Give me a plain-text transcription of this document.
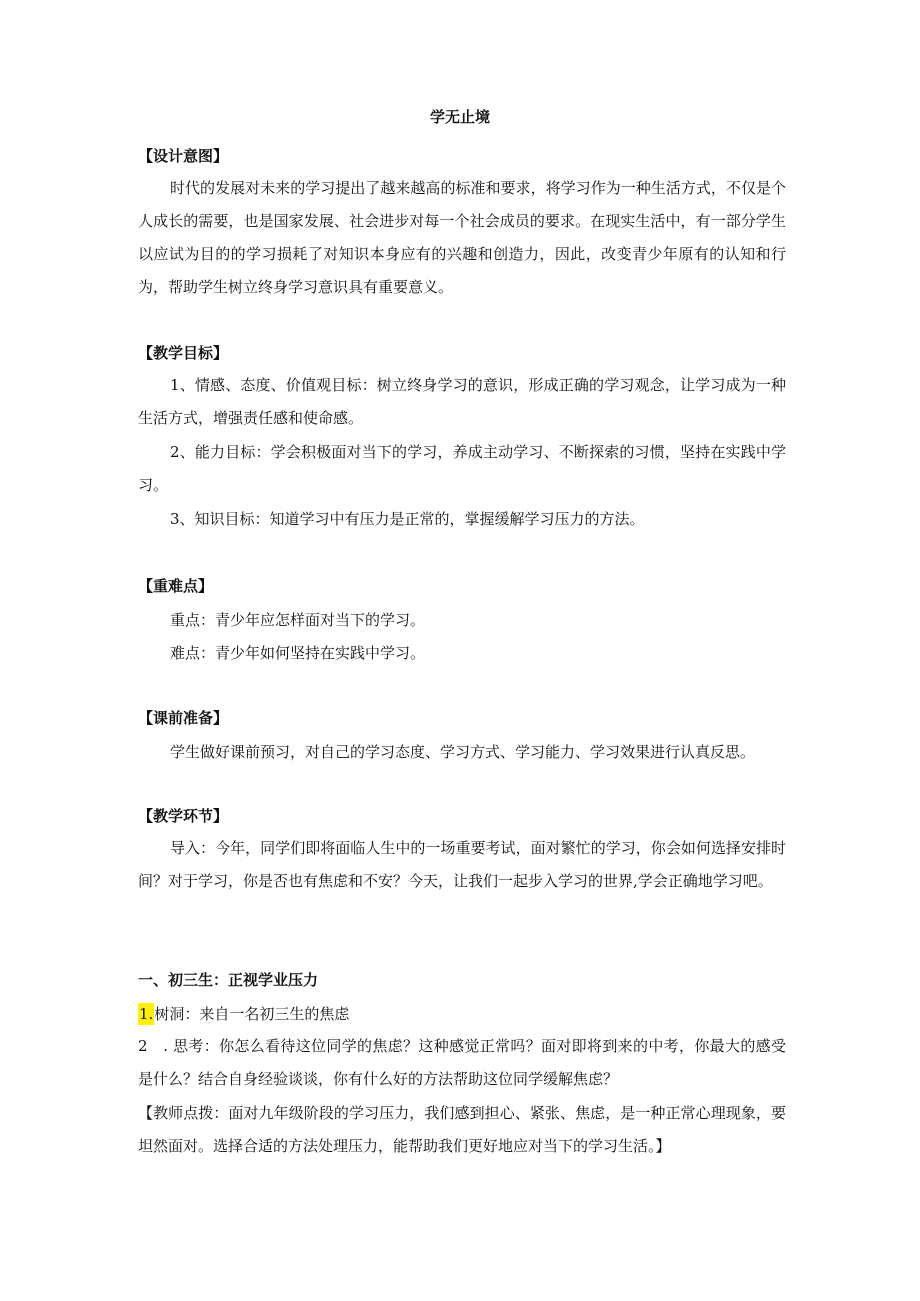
学无止境
【设计意图】
时代的发展对未来的学习提出了越来越高的标准和要求，将学习作为一种生活方式，不仅是个人成长的需要，也是国家发展、社会进步对每一个社会成员的要求。在现实生活中，有一部分学生以应试为目的的学习损耗了对知识本身应有的兴趣和创造力，因此，改变青少年原有的认知和行为，帮助学生树立终身学习意识具有重要意义。
【教学目标】
1、情感、态度、价值观目标：树立终身学习的意识，形成正确的学习观念，让学习成为一种生活方式，增强责任感和使命感。
2、能力目标：学会积极面对当下的学习，养成主动学习、不断探索的习惯，坚持在实践中学习。
3、知识目标：知道学习中有压力是正常的，掌握缓解学习压力的方法。
【重难点】
重点：青少年应怎样面对当下的学习。
难点：青少年如何坚持在实践中学习。
【课前准备】
学生做好课前预习，对自己的学习态度、学习方式、学习能力、学习效果进行认真反思。
【教学环节】
导入：今年，同学们即将面临人生中的一场重要考试，面对繁忙的学习，你会如何选择安排时间？对于学习，你是否也有焦虑和不安？今天，让我们一起步入学习的世界,学会正确地学习吧。
一、初三生：正视学业压力
1.树洞：来自一名初三生的焦虑
2　. 思考：你怎么看待这位同学的焦虑？这种感觉正常吗？面对即将到来的中考，你最大的感受是什么？结合自身经验谈谈，你有什么好的方法帮助这位同学缓解焦虑？
【教师点拨：面对九年级阶段的学习压力，我们感到担心、紧张、焦虑，是一种正常心理现象，要坦然面对。选择合适的方法处理压力，能帮助我们更好地应对当下的学习生活。】
